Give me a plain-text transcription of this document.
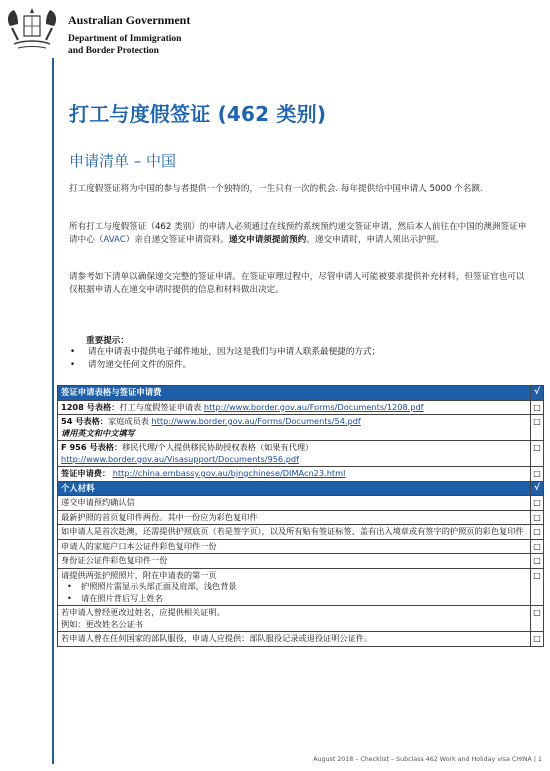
Australian Government
Department of Immigration
and Border Protection
打工与度假签证 (462 类别)
申请清单 – 中国
打工度假签证将为中国的参与者提供一个独特的，一生只有一次的机会. 每年提供给中国申请人 5000 个名额.
所有打工与度假签证（462 类别）的申请人必须通过在线预约系统预约递交签证申请，然后本人前往在中国的澳洲签证申请中心（AVAC）亲自递交签证申请资料。递交申请须提前预约。递交申请时，申请人须出示护照。
请参考如下清单以确保递交完整的签证申请。在签证审理过程中，尽管申请人可能被要求提供补充材料，但签证官也可以仅根据申请人在递交申请时提供的信息和材料做出决定。
重要提示：
• 请在申请表中提供电子邮件地址，因为这是我们与申请人联系最便捷的方式；
• 请勿递交任何文件的原件。
签证申请表格与签证申请费	√
1208 号表格：打工与度假签证申请表 http://www.border.gov.au/Forms/Documents/1208.pdf	□
54 号表格：家庭成员表 http://www.border.gov.au/Forms/Documents/54.pdf
请用英文和中文填写	□
F 956 号表格：移民代理/个人提供移民协助授权表格（如果有代理）
http://www.border.gov.au/Visasupport/Documents/956.pdf	□
签证申请费： http://china.embassy.gov.au/bjngchinese/DIMAcn23.html	□
个人材料	√
递交申请预约确认信	□
最新护照的首页复印件两份。其中一份应为彩色复印件	□
如申请人是首次赴澳，还需提供护照底页（若是签字页），以及所有贴有签证标签、盖有出入境章或有签字的护照页的彩色复印件	□
申请人的家庭户口本公证件彩色复印件一份	□
身份证公证件彩色复印件一份	□
请提供两张护照照片，附在申请表的第一页
• 护照照片需显示头部正面及肩部，浅色背景
• 请在照片背后写上姓名	□
若申请人曾经更改过姓名，应提供相关证明。
例如：更改姓名公证书	□
若申请人曾在任何国家的部队服役，申请人应提供：部队服役记录或退役证明公证件。	□
August 2018 – Checklist – Subclass 462 Work and Holiday visa CHINA | 1
